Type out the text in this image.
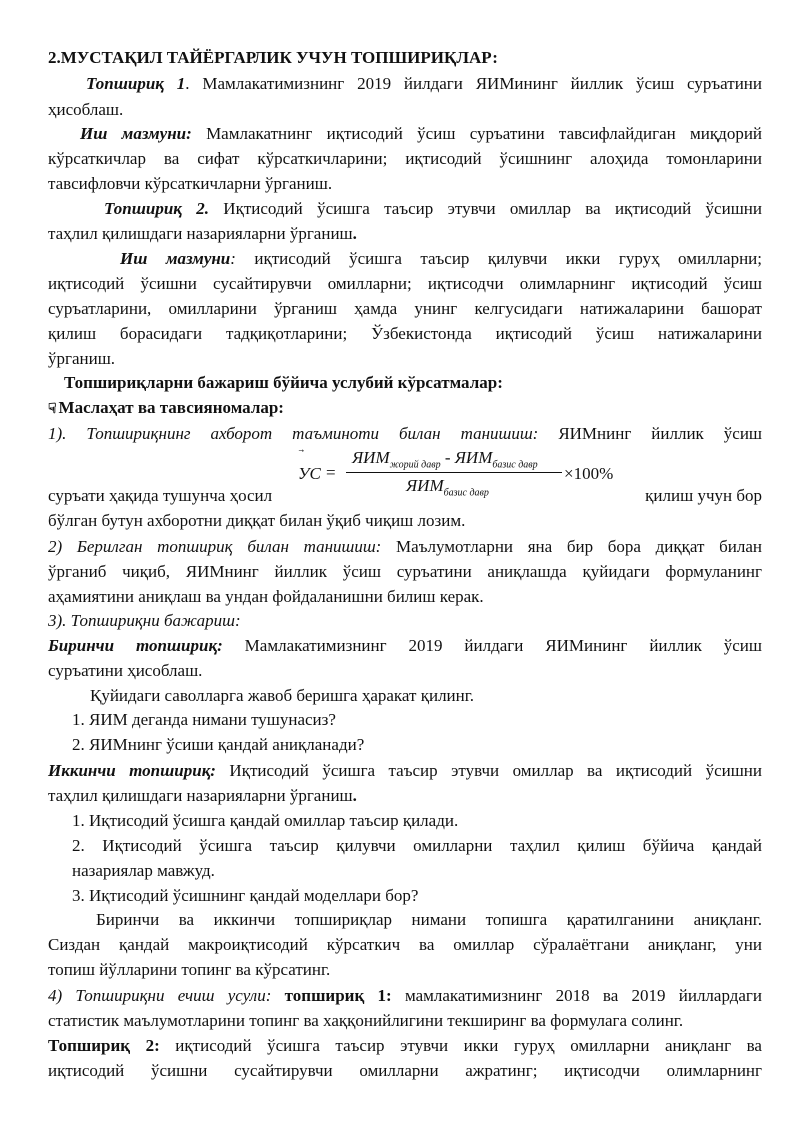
2.МУСТАҚИЛ ТАЙЁРГАРЛИК УЧУН ТОПШИРИҚЛАР:
Топшириқ 1. Мамлакатимизнинг 2019 йилдаги ЯИМининг йиллик ўсиш суръатини
ҳисоблаш.
Иш мазмуни: Мамлакатнинг иқтисодий ўсиш суръатини тавсифлайдиган миқдорий
кўрсаткичлар ва сифат кўрсаткичларини; иқтисодий ўсишнинг алоҳида томонларини
тавсифловчи кўрсаткичларни ўрганиш.
Топшириқ 2. Иқтисодий ўсишга таъсир этувчи омиллар ва иқтисодий ўсишни
таҳлил қилишдаги назарияларни ўрганиш.
Иш мазмуни: иқтисодий ўсишга таъсир қилувчи икки гуруҳ омилларни;
иқтисодий ўсишни сусайтирувчи омилларни; иқтисодчи олимларнинг иқтисодий ўсиш
суръатларини, омилларини ўрганиш ҳамда унинг келгусидаги натижаларини башорат
қилиш борасидаги тадқиқотларини; Ўзбекистонда иқтисодий ўсиш натижаларини
ўрганиш.
Топшириқларни бажариш бўйича услубий кўрсатмалар:
☟ Маслаҳат ва тавсияномалар:
1). Топшириқнинг ахборот таъминоти билан танишиш: ЯИМнинг йиллик ўсиш
УС =
$ЯИМ_{жорий давр} - ЯИМ_{базис давр}$
$ЯИМ_{базис давр}$
×100%
суръати ҳақида тушунча ҳосил	қилиш учун бор
бўлган бутун ахборотни диққат билан ўқиб чиқиш лозим.
2) Берилган топшириқ билан танишиш: Маълумотларни яна бир бора диққат билан
ўрганиб чиқиб, ЯИМнинг йиллик ўсиш суръатини аниқлашда қуйидаги формуланинг
аҳамиятини аниқлаш ва ундан фойдаланишни билиш керак.
3). Топшириқни бажариш:
Биринчи топшириқ: Мамлакатимизнинг 2019 йилдаги ЯИМининг йиллик ўсиш
суръатини ҳисоблаш.
Қуйидаги саволларга жавоб беришга ҳаракат қилинг.
1. ЯИМ деганда нимани тушунасиз?
2. ЯИМнинг ўсиши қандай аниқланади?
Иккинчи топшириқ: Иқтисодий ўсишга таъсир этувчи омиллар ва иқтисодий ўсишни
таҳлил қилишдаги назарияларни ўрганиш.
1. Иқтисодий ўсишга қандай омиллар таъсир қилади.
2. Иқтисодий ўсишга таъсир қилувчи омилларни таҳлил қилиш бўйича қандай
назариялар мавжуд.
3. Иқтисодий ўсишнинг қандай моделлари бор?
Биринчи ва иккинчи топшириқлар нимани топишга қаратилганини аниқланг.
Сиздан қандай макроиқтисодий кўрсаткич ва омиллар сўралаётгани аниқланг, уни
топиш йўлларини топинг ва кўрсатинг.
4) Топшириқни ечиш усули: топшириқ 1: мамлакатимизнинг 2018 ва 2019 йиллардаги
статистик маълумотларини топинг ва хаққонийлигини текширинг ва формулага солинг.
Топшириқ 2: иқтисодий ўсишга таъсир этувчи икки гуруҳ омилларни аниқланг ва
иқтисодий ўсишни сусайтирувчи омилларни ажратинг; иқтисодчи олимларнинг
